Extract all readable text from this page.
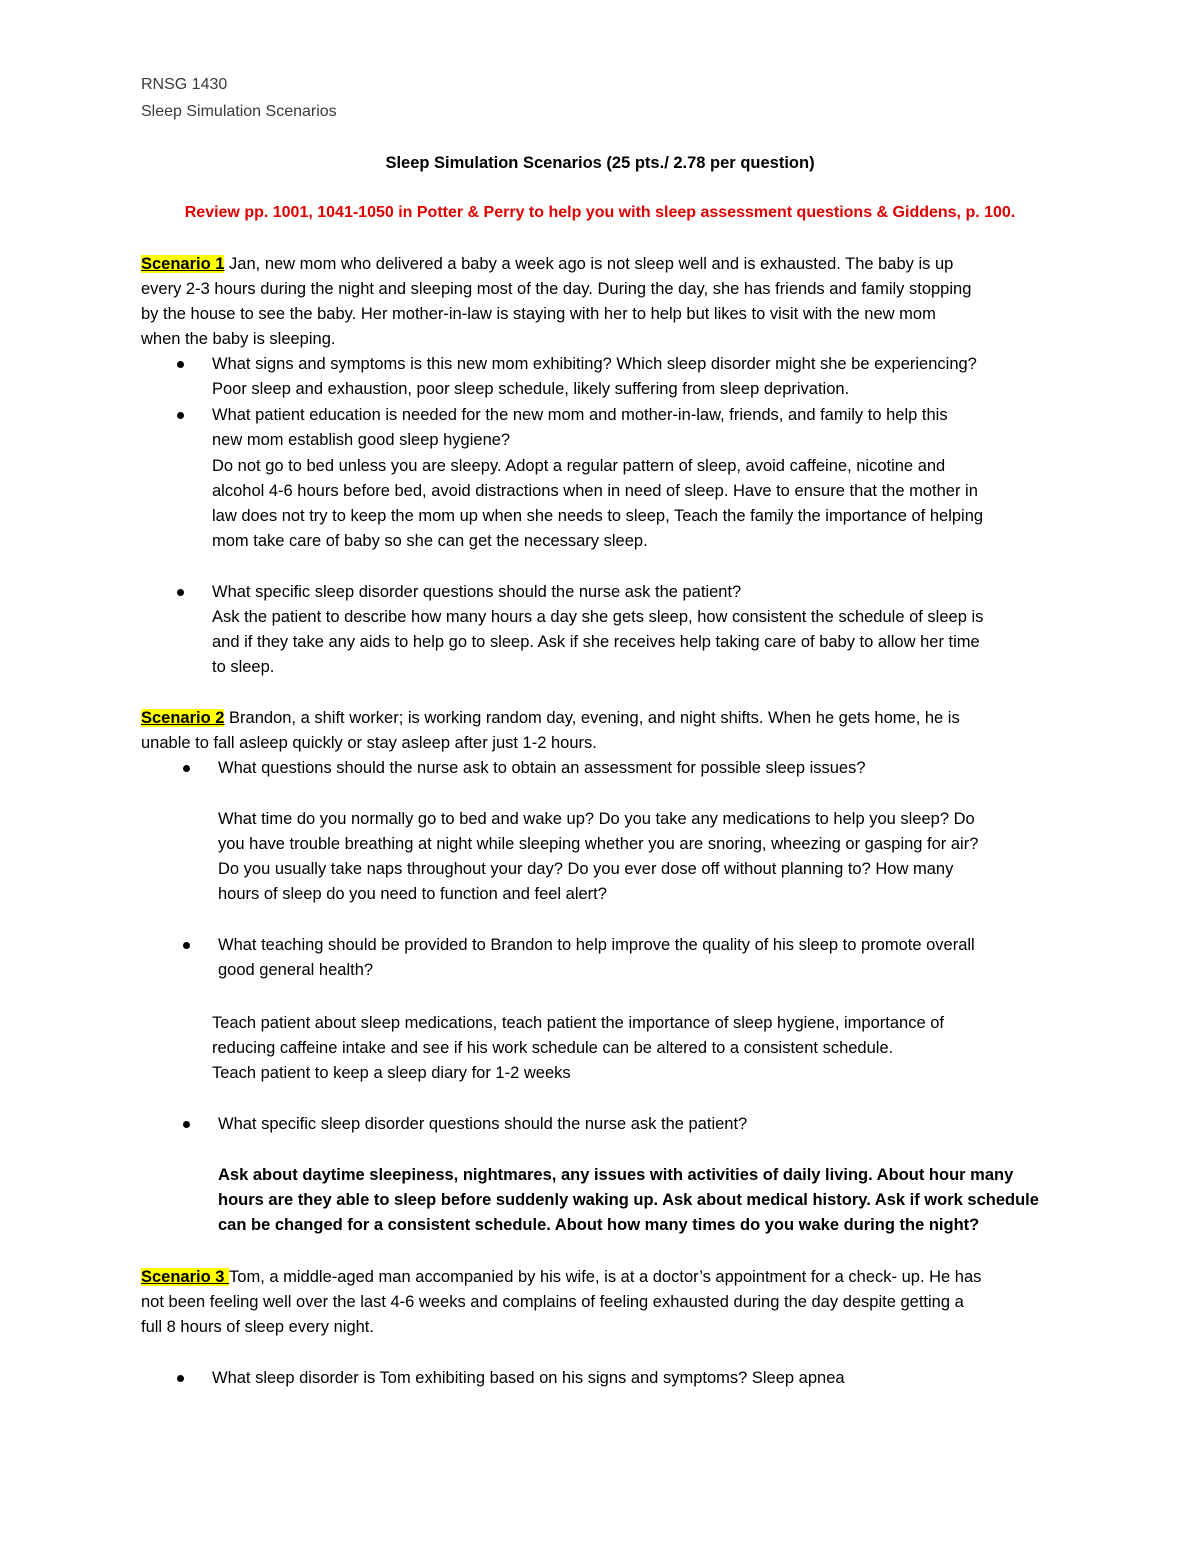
RNSG 1430

Sleep Simulation Scenarios

Sleep Simulation Scenarios (25 pts./ 2.78 per question)

Review pp. 1001, 1041-1050 in Potter & Perry to help you with sleep assessment questions & Giddens, p. 100.

Scenario 1 Jan, new mom who delivered a baby a week ago is not sleep well and is exhausted. The baby is up

every 2-3 hours during the night and sleeping most of the day. During the day, she has friends and family stopping

by the house to see the baby. Her mother-in-law is staying with her to help but likes to visit with the new mom

when the baby is sleeping.

What signs and symptoms is this new mom exhibiting? Which sleep disorder might she be experiencing?

Poor sleep and exhaustion, poor sleep schedule, likely suffering from sleep deprivation.

What patient education is needed for the new mom and mother-in-law, friends, and family to help this

new mom establish good sleep hygiene?

Do not go to bed unless you are sleepy. Adopt a regular pattern of sleep, avoid caffeine, nicotine and

alcohol 4-6 hours before bed, avoid distractions when in need of sleep. Have to ensure that the mother in

law does not try to keep the mom up when she needs to sleep, Teach the family the importance of helping

mom take care of baby so she can get the necessary sleep.

What specific sleep disorder questions should the nurse ask the patient?

Ask the patient to describe how many hours a day she gets sleep, how consistent the schedule of sleep is

and if they take any aids to help go to sleep. Ask if she receives help taking care of baby to allow her time

to sleep.

Scenario 2 Brandon, a shift worker; is working random day, evening, and night shifts. When he gets home, he is

unable to fall asleep quickly or stay asleep after just 1-2 hours.

What questions should the nurse ask to obtain an assessment for possible sleep issues?

What time do you normally go to bed and wake up? Do you take any medications to help you sleep? Do

you have trouble breathing at night while sleeping whether you are snoring, wheezing or gasping for air?

Do you usually take naps throughout your day? Do you ever dose off without planning to? How many

hours of sleep do you need to function and feel alert?

What teaching should be provided to Brandon to help improve the quality of his sleep to promote overall

good general health?

Teach patient about sleep medications, teach patient the importance of sleep hygiene, importance of

reducing caffeine intake and see if his work schedule can be altered to a consistent schedule.

Teach patient to keep a sleep diary for 1-2 weeks

What specific sleep disorder questions should the nurse ask the patient?

Ask about daytime sleepiness, nightmares, any issues with activities of daily living. About hour many

hours are they able to sleep before suddenly waking up. Ask about medical history. Ask if work schedule

can be changed for a consistent schedule. About how many times do you wake during the night?

Scenario 3 Tom, a middle-aged man accompanied by his wife, is at a doctor’s appointment for a check- up. He has

not been feeling well over the last 4-6 weeks and complains of feeling exhausted during the day despite getting a

full 8 hours of sleep every night.

What sleep disorder is Tom exhibiting based on his signs and symptoms? Sleep apnea
